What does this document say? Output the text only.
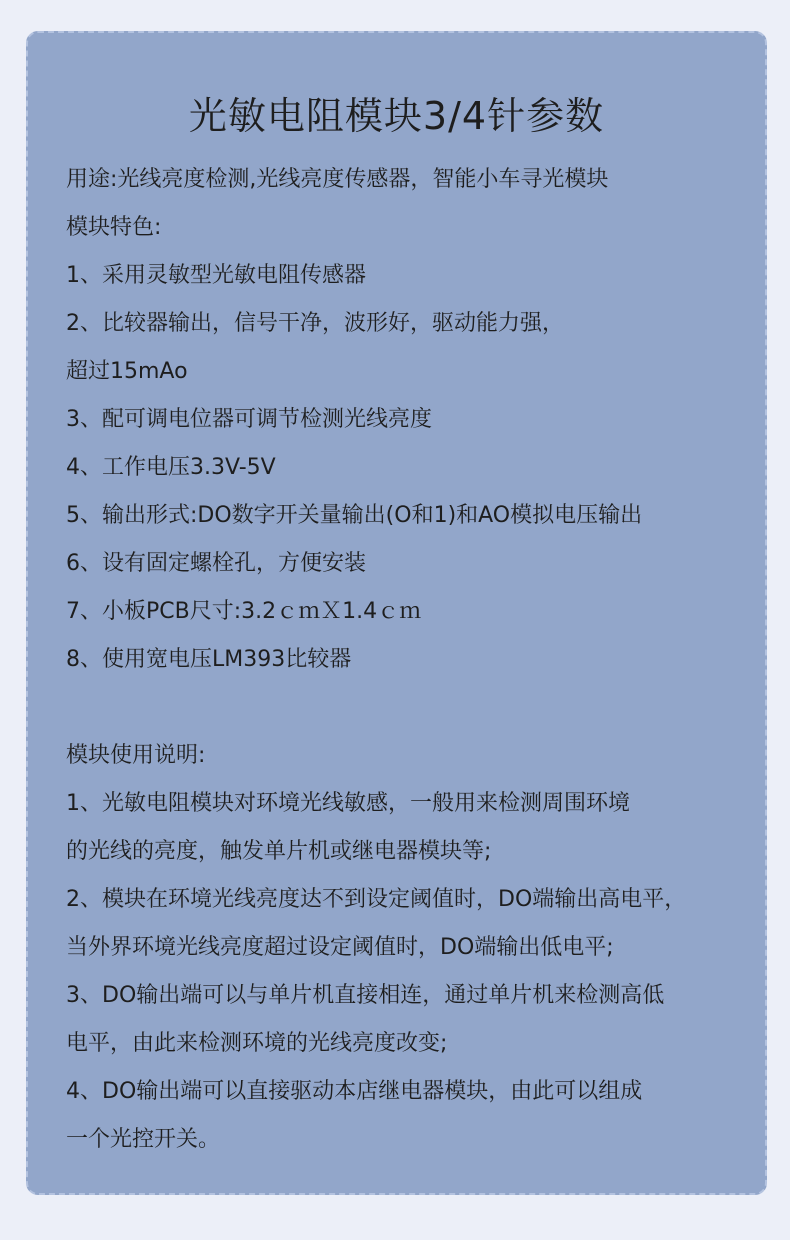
光敏电阻模块3/4针参数
用途:光线亮度检测,光线亮度传感器，智能小车寻光模块
模块特色:
1、采用灵敏型光敏电阻传感器
2、比较器输出，信号干净，波形好，驱动能力强，
超过15mAo
3、配可调电位器可调节检测光线亮度
4、工作电压3.3V-5V
5、输出形式:DO数字开关量输出(O和1)和AO模拟电压输出
6、设有固定螺栓孔，方便安装
7、小板PCB尺寸:3.2ｃｍＸ1.4ｃｍ
8、使用宽电压LM393比较器
模块使用说明:
1、光敏电阻模块对环境光线敏感，一般用来检测周围环境
的光线的亮度，触发单片机或继电器模块等;
2、模块在环境光线亮度达不到设定阈值时，DO端输出高电平，
当外界环境光线亮度超过设定阈值时，DO端输出低电平;
3、DO输出端可以与单片机直接相连，通过单片机来检测高低
电平，由此来检测环境的光线亮度改变;
4、DO输出端可以直接驱动本店继电器模块，由此可以组成
一个光控开关。
